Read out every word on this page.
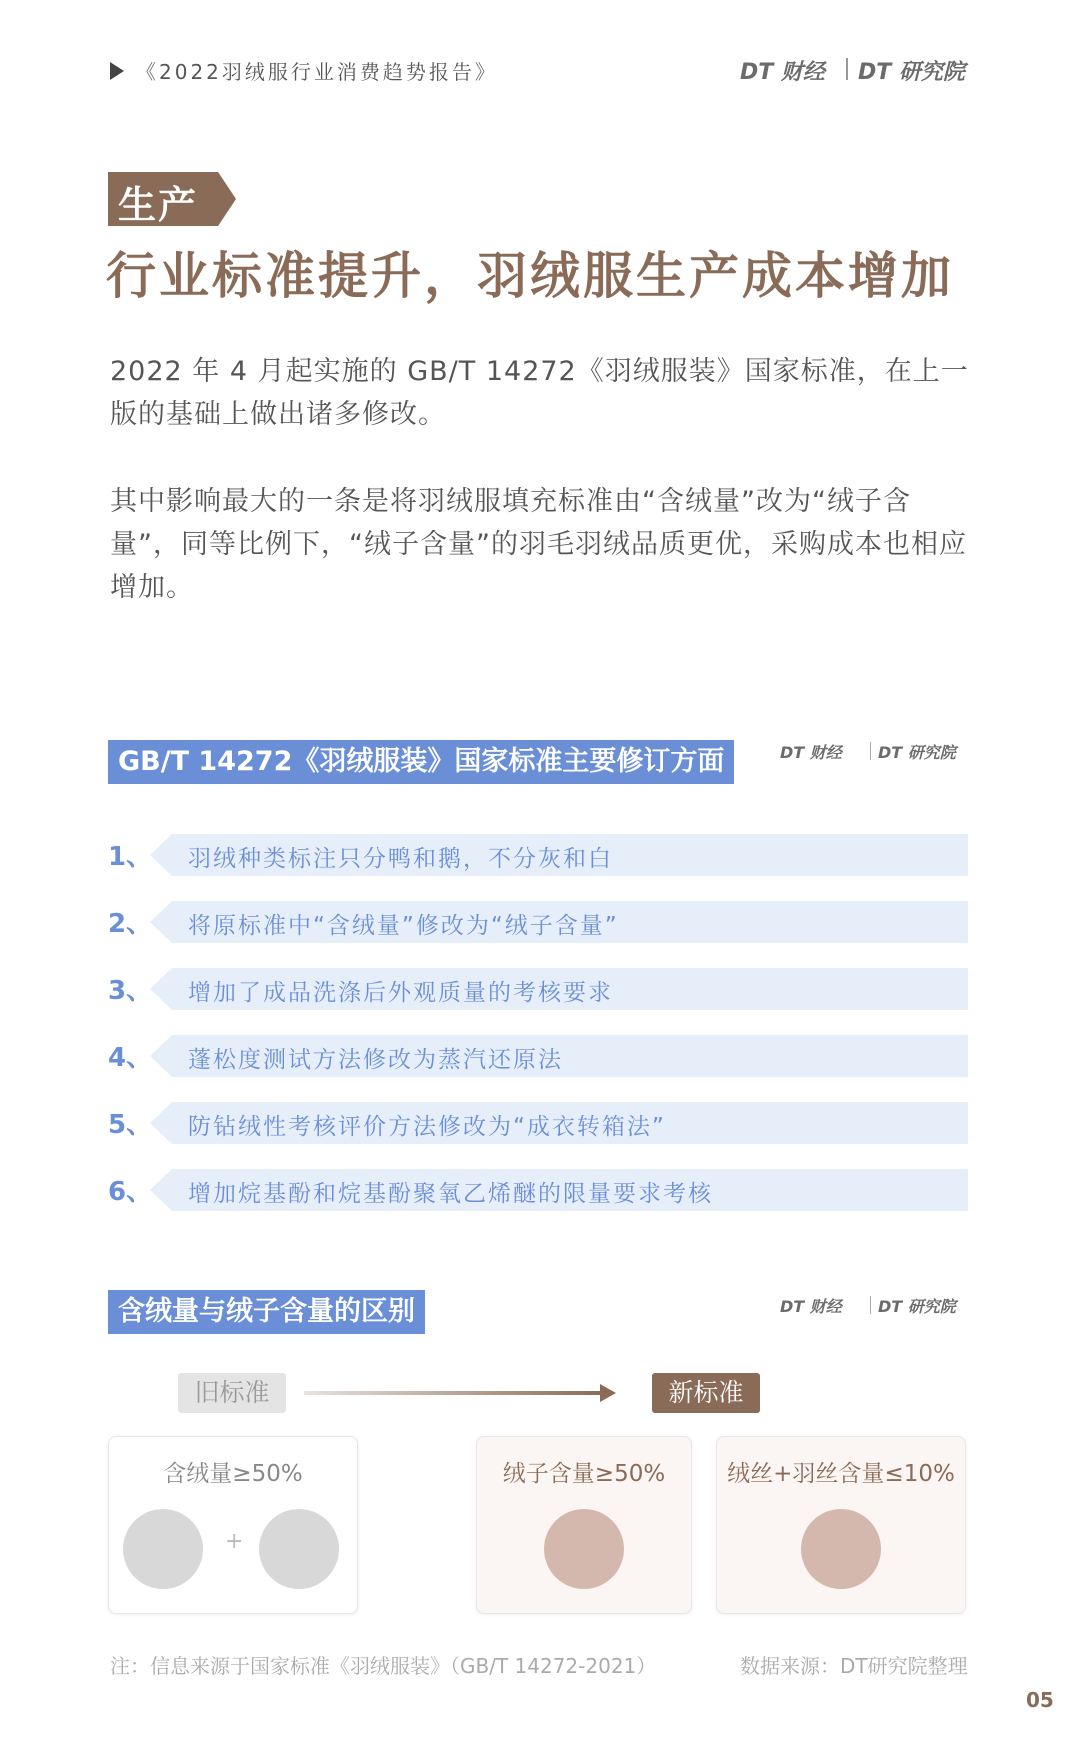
《2022羽绒服行业消费趋势报告》	DT 财经 DT 研究院
生产
行业标准提升，羽绒服生产成本增加
2022 年 4 月起实施的 GB/T 14272《羽绒服装》国家标准，在上一版的基础上做出诸多修改。
其中影响最大的一条是将羽绒服填充标准由“含绒量”改为“绒子含量”，同等比例下，“绒子含量”的羽毛羽绒品质更优，采购成本也相应增加。
GB/T 14272《羽绒服装》国家标准主要修订方面	DT 财经 DT 研究院
1、 羽绒种类标注只分鸭和鹅，不分灰和白
2、 将原标准中“含绒量”修改为“绒子含量”
3、 增加了成品洗涤后外观质量的考核要求
4、 蓬松度测试方法修改为蒸汽还原法
5、 防钻绒性考核评价方法修改为“成衣转箱法”
6、 增加烷基酚和烷基酚聚氧乙烯醚的限量要求考核
含绒量与绒子含量的区别	DT 财经 DT 研究院
旧标准	新标准
含绒量≥50%
+
绒子含量≥50%	绒丝+羽丝含量≤10%
注：信息来源于国家标准《羽绒服装》（GB/T 14272-2021）	数据来源：DT研究院整理
05
